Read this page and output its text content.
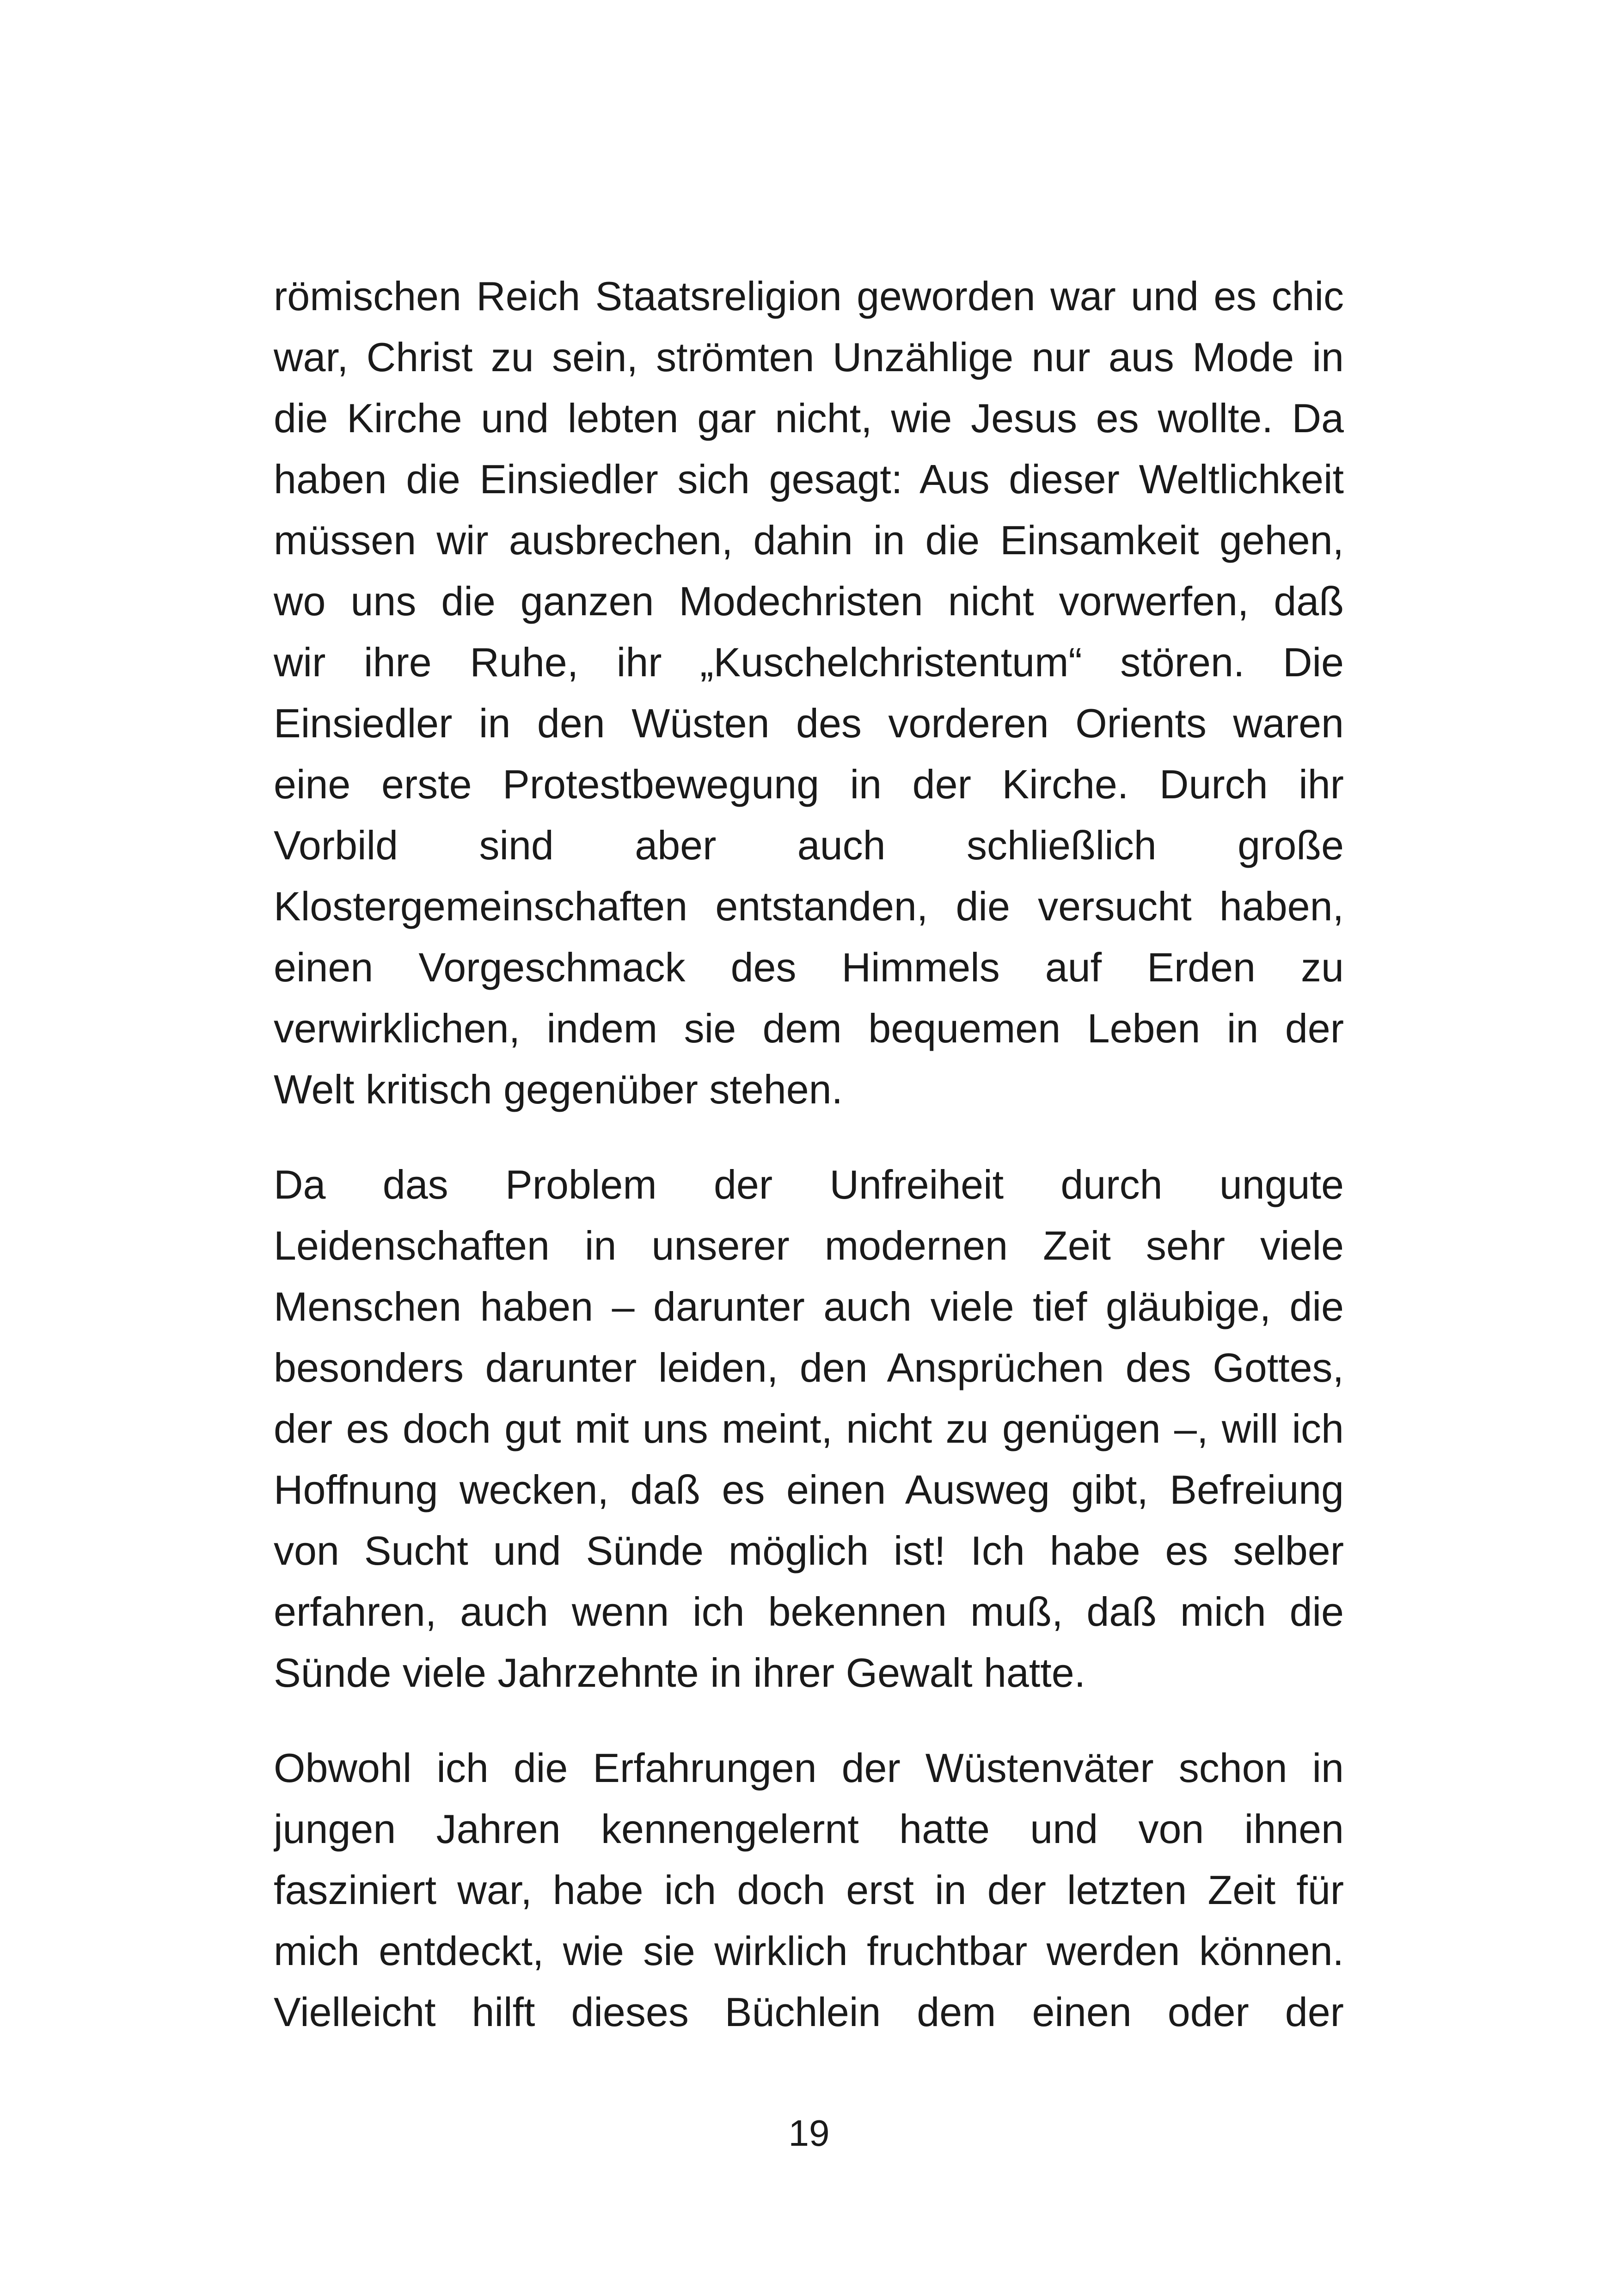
römischen Reich Staatsreligion geworden war und es chic
war, Christ zu sein, strömten Unzählige nur aus Mode in
die Kirche und lebten gar nicht, wie Jesus es wollte. Da
haben die Einsiedler sich gesagt: Aus dieser Weltlichkeit
müssen wir ausbrechen, dahin in die Einsamkeit gehen,
wo uns die ganzen Modechristen nicht vorwerfen, daß
wir ihre Ruhe, ihr „Kuschelchristentum“ stören. Die
Einsiedler in den Wüsten des vorderen Orients waren
eine erste Protestbewegung in der Kirche. Durch ihr
Vorbild sind aber auch schließlich große
Klostergemeinschaften entstanden, die versucht haben,
einen Vorgeschmack des Himmels auf Erden zu
verwirklichen, indem sie dem bequemen Leben in der
Welt kritisch gegenüber stehen.

Da das Problem der Unfreiheit durch ungute
Leidenschaften in unserer modernen Zeit sehr viele
Menschen haben – darunter auch viele tief gläubige, die
besonders darunter leiden, den Ansprüchen des Gottes,
der es doch gut mit uns meint, nicht zu genügen –, will ich
Hoffnung wecken, daß es einen Ausweg gibt, Befreiung
von Sucht und Sünde möglich ist! Ich habe es selber
erfahren, auch wenn ich bekennen muß, daß mich die
Sünde viele Jahrzehnte in ihrer Gewalt hatte.

Obwohl ich die Erfahrungen der Wüstenväter schon in
jungen Jahren kennengelernt hatte und von ihnen
fasziniert war, habe ich doch erst in der letzten Zeit für
mich entdeckt, wie sie wirklich fruchtbar werden können.
Vielleicht hilft dieses Büchlein dem einen oder der

19
